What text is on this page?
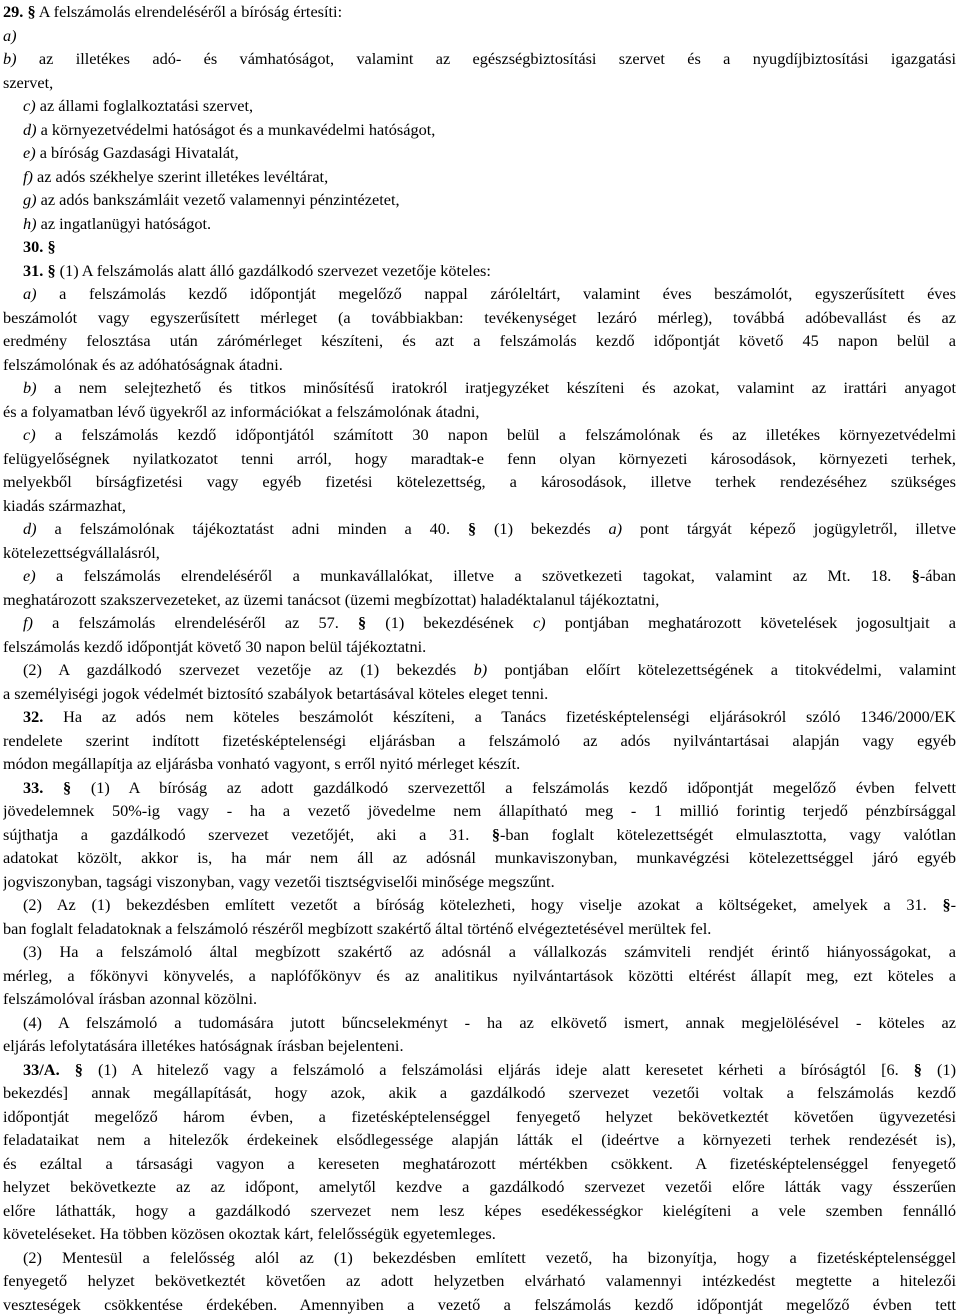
29. § A felszámolás elrendeléséről a bíróság értesíti:

a)

b) az illetékes adó- és vámhatóságot, valamint az egészségbiztosítási szervet és a nyugdíjbiztosítási igazgatási

szervet,

c) az állami foglalkoztatási szervet,

d) a környezetvédelmi hatóságot és a munkavédelmi hatóságot,

e) a bíróság Gazdasági Hivatalát,

f) az adós székhelye szerint illetékes levéltárat,

g) az adós bankszámláit vezető valamennyi pénzintézetet,

h) az ingatlanügyi hatóságot.

30. §

31. § (1) A felszámolás alatt álló gazdálkodó szervezet vezetője köteles:

a) a felszámolás kezdő időpontját megelőző nappal záróleltárt, valamint éves beszámolót, egyszerűsített éves

beszámolót vagy egyszerűsített mérleget (a továbbiakban: tevékenységet lezáró mérleg), továbbá adóbevallást és az

eredmény felosztása után zárómérleget készíteni, és azt a felszámolás kezdő időpontját követő 45 napon belül a

felszámolónak és az adóhatóságnak átadni.

b) a nem selejtezhető és titkos minősítésű iratokról iratjegyzéket készíteni és azokat, valamint az irattári anyagot

és a folyamatban lévő ügyekről az információkat a felszámolónak átadni,

c) a felszámolás kezdő időpontjától számított 30 napon belül a felszámolónak és az illetékes környezetvédelmi

felügyelőségnek nyilatkozatot tenni arról, hogy maradtak-e fenn olyan környezeti károsodások, környezeti terhek,

melyekből bírságfizetési vagy egyéb fizetési kötelezettség, a károsodások, illetve terhek rendezéséhez szükséges

kiadás származhat,

d) a felszámolónak tájékoztatást adni minden a 40. § (1) bekezdés a) pont tárgyát képező jogügyletről, illetve

kötelezettségvállalásról,

e) a felszámolás elrendeléséről a munkavállalókat, illetve a szövetkezeti tagokat, valamint az Mt. 18. §-ában

meghatározott szakszervezeteket, az üzemi tanácsot (üzemi megbízottat) haladéktalanul tájékoztatni,

f) a felszámolás elrendeléséről az 57. § (1) bekezdésének c) pontjában meghatározott követelések jogosultjait a

felszámolás kezdő időpontját követő 30 napon belül tájékoztatni.

(2) A gazdálkodó szervezet vezetője az (1) bekezdés b) pontjában előírt kötelezettségének a titokvédelmi, valamint

a személyiségi jogok védelmét biztosító szabályok betartásával köteles eleget tenni.

32. Ha az adós nem köteles beszámolót készíteni, a Tanács fizetésképtelenségi eljárásokról szóló 1346/2000/EK

rendelete szerint indított fizetésképtelenségi eljárásban a felszámoló az adós nyilvántartásai alapján vagy egyéb

módon megállapítja az eljárásba vonható vagyont, s erről nyitó mérleget készít.

33. § (1) A bíróság az adott gazdálkodó szervezettől a felszámolás kezdő időpontját megelőző évben felvett

jövedelemnek 50%-ig vagy - ha a vezető jövedelme nem állapítható meg - 1 millió forintig terjedő pénzbírsággal

sújthatja a gazdálkodó szervezet vezetőjét, aki a 31. §-ban foglalt kötelezettségét elmulasztotta, vagy valótlan

adatokat közölt, akkor is, ha már nem áll az adósnál munkaviszonyban, munkavégzési kötelezettséggel járó egyéb

jogviszonyban, tagsági viszonyban, vagy vezetői tisztségviselői minősége megszűnt.

(2) Az (1) bekezdésben említett vezetőt a bíróság kötelezheti, hogy viselje azokat a költségeket, amelyek a 31. §-

ban foglalt feladatoknak a felszámoló részéről megbízott szakértő által történő elvégeztetésével merültek fel.

(3) Ha a felszámoló által megbízott szakértő az adósnál a vállalkozás számviteli rendjét érintő hiányosságokat, a

mérleg, a főkönyvi könyvelés, a naplófőkönyv és az analitikus nyilvántartások közötti eltérést állapít meg, ezt köteles a

felszámolóval írásban azonnal közölni.

(4) A felszámoló a tudomására jutott bűncselekményt - ha az elkövető ismert, annak megjelölésével - köteles az

eljárás lefolytatására illetékes hatóságnak írásban bejelenteni.

33/A. § (1) A hitelező vagy a felszámoló a felszámolási eljárás ideje alatt keresetet kérheti a bíróságtól [6. § (1)

bekezdés] annak megállapítását, hogy azok, akik a gazdálkodó szervezet vezetői voltak a felszámolás kezdő

időpontját megelőző három évben, a fizetésképtelenséggel fenyegető helyzet bekövetkeztét követően ügyvezetési

feladataikat nem a hitelezők érdekeinek elsődlegessége alapján látták el (ideértve a környezeti terhek rendezését is),

és ezáltal a társasági vagyon a kereseten meghatározott mértékben csökkent. A fizetésképtelenséggel fenyegető

helyzet bekövetkezte az az időpont, amelytől kezdve a gazdálkodó szervezet vezetői előre látták vagy ésszerűen

előre láthatták, hogy a gazdálkodó szervezet nem lesz képes esedékességkor kielégíteni a vele szemben fennálló

követeléseket. Ha többen közösen okoztak kárt, felelősségük egyetemleges.

(2) Mentesül a felelősség alól az (1) bekezdésben említett vezető, ha bizonyítja, hogy a fizetésképtelenséggel

fenyegető helyzet bekövetkeztét követően az adott helyzetben elvárható valamennyi intézkedést megtette a hitelezői

veszteségek csökkentése érdekében. Amennyiben a vezető a felszámolás kezdő időpontját megelőző évben tett
